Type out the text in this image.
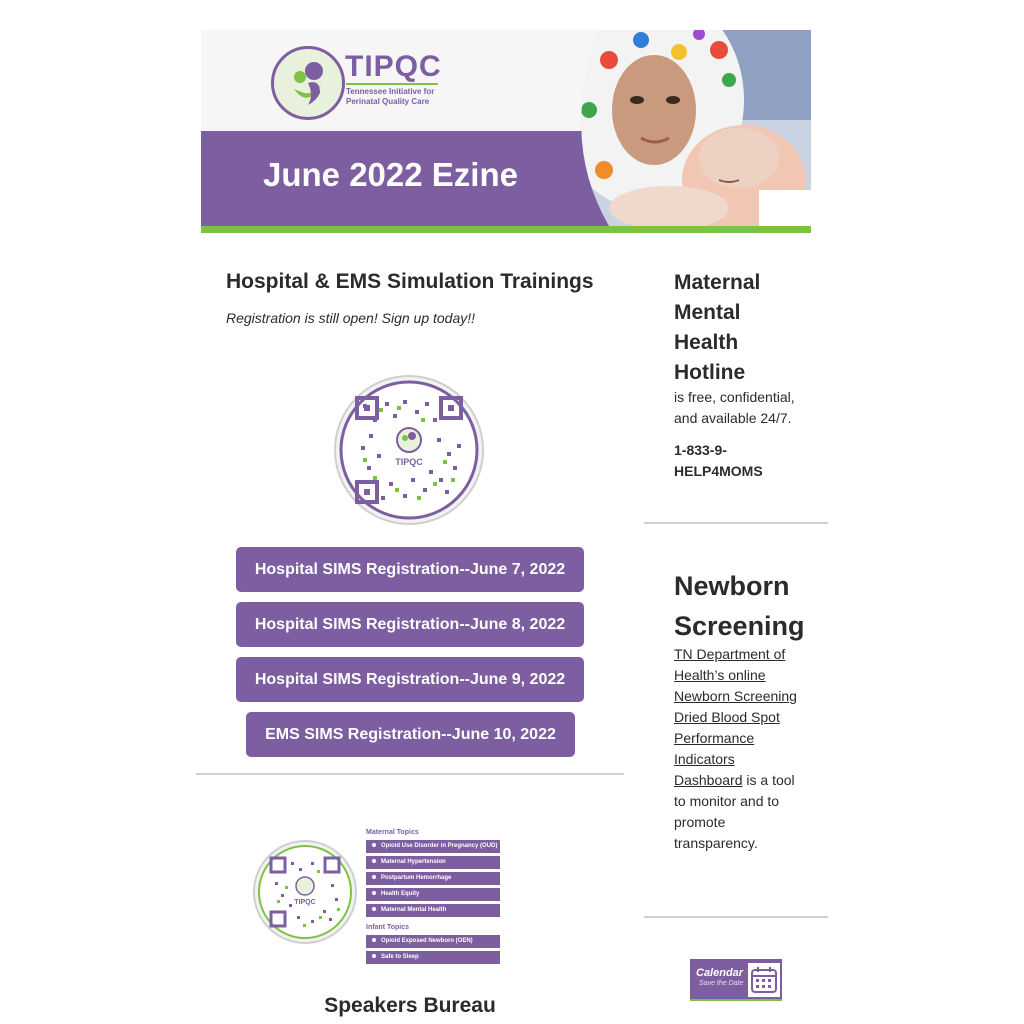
TIPQC
Tennessee Initiative for
Perinatal Quality Care
June 2022 Ezine
Hospital & EMS Simulation Trainings

Registration is still open! Sign up today!!

TIPQC
Hospital SIMS Registration--June 7, 2022
Hospital SIMS Registration--June 8, 2022
Hospital SIMS Registration--June 9, 2022
EMS SIMS Registration--June 10, 2022
TIPQC
Maternal Topics
Opioid Use Disorder in Pregnancy (OUD)
Maternal Hypertension
Postpartum Hemorrhage
Health Equity
Maternal Mental Health
Infant Topics
Opioid Exposed Newborn (OEN)
Safe to Sleep
Speakers Bureau
Maternal Mental Health Hotline

is free, confidential, and available 24/7.

1-833-9-HELP4MOMS

Newborn Screening

TN Department of Health’s online Newborn Screening Dried Blood Spot Performance Indicators Dashboard is a tool to monitor and to promote transparency.

Calendar
Save the Date
